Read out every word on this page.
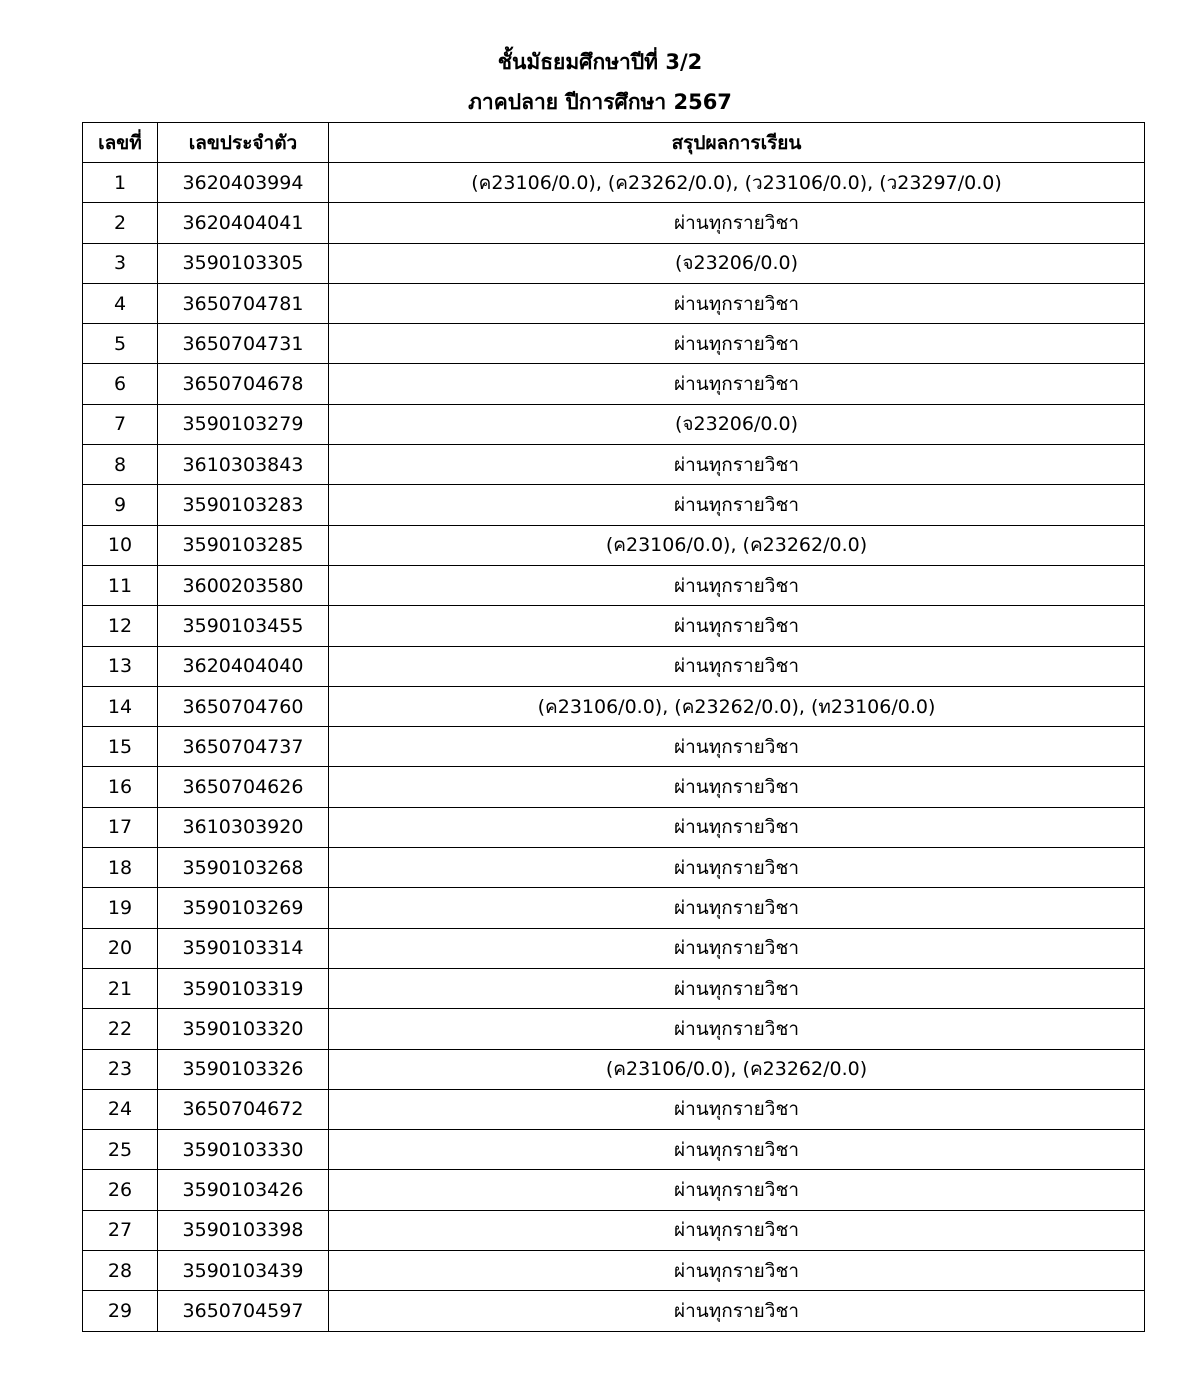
ชั้นมัธยมศึกษาปีที่ 3/2
ภาคปลาย ปีการศึกษา 2567
เลขที่	เลขประจำตัว	สรุปผลการเรียน
1	3620403994	(ค23106/0.0), (ค23262/0.0), (ว23106/0.0), (ว23297/0.0)
2	3620404041	ผ่านทุกรายวิชา
3	3590103305	(จ23206/0.0)
4	3650704781	ผ่านทุกรายวิชา
5	3650704731	ผ่านทุกรายวิชา
6	3650704678	ผ่านทุกรายวิชา
7	3590103279	(จ23206/0.0)
8	3610303843	ผ่านทุกรายวิชา
9	3590103283	ผ่านทุกรายวิชา
10	3590103285	(ค23106/0.0), (ค23262/0.0)
11	3600203580	ผ่านทุกรายวิชา
12	3590103455	ผ่านทุกรายวิชา
13	3620404040	ผ่านทุกรายวิชา
14	3650704760	(ค23106/0.0), (ค23262/0.0), (ท23106/0.0)
15	3650704737	ผ่านทุกรายวิชา
16	3650704626	ผ่านทุกรายวิชา
17	3610303920	ผ่านทุกรายวิชา
18	3590103268	ผ่านทุกรายวิชา
19	3590103269	ผ่านทุกรายวิชา
20	3590103314	ผ่านทุกรายวิชา
21	3590103319	ผ่านทุกรายวิชา
22	3590103320	ผ่านทุกรายวิชา
23	3590103326	(ค23106/0.0), (ค23262/0.0)
24	3650704672	ผ่านทุกรายวิชา
25	3590103330	ผ่านทุกรายวิชา
26	3590103426	ผ่านทุกรายวิชา
27	3590103398	ผ่านทุกรายวิชา
28	3590103439	ผ่านทุกรายวิชา
29	3650704597	ผ่านทุกรายวิชา
